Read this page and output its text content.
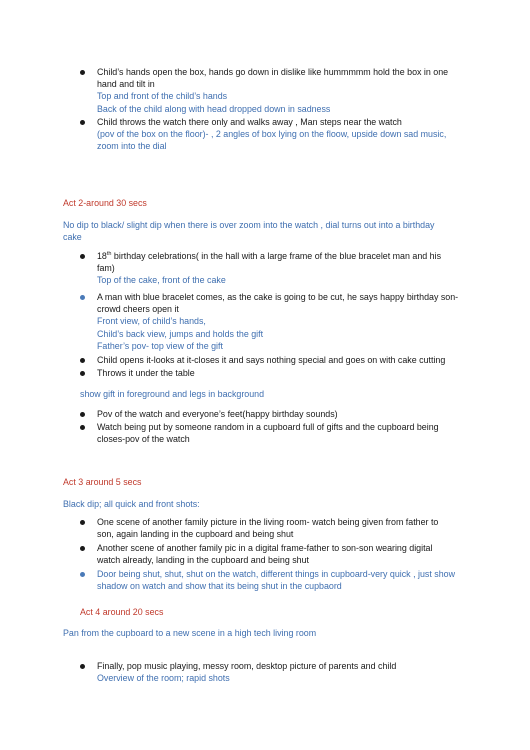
Child’s hands open the box, hands go down in dislike like hummmmm hold the box in one
hand and tilt in
Top and front of the child’s hands
Back of the child along with head dropped down in sadness
Child throws the watch there only and walks away , Man steps near the watch
(pov of the box on the floor)- , 2 angles of box lying on the floow, upside down sad music,
zoom into the dial
Act 2-around 30 secs
No dip to black/ slight dip when there is over zoom into the watch , dial turns out into a birthday
cake
18th birthday celebrations( in the hall with a large frame of the blue bracelet man and his
fam)
Top of the cake, front of the cake
A man with blue bracelet comes, as the cake is going to be cut, he says happy birthday son-
crowd cheers open it
Front view, of child’s hands,
Child’s back view, jumps and holds the gift
Father’s pov- top view of the gift
Child opens it-looks at it-closes it and says nothing special and goes on with cake cutting
Throws it under the table
show gift in foreground and legs in background
Pov of the watch and everyone’s feet(happy birthday sounds)
Watch being put by someone random in a cupboard full of gifts and the cupboard being
closes-pov of the watch
Act 3 around 5 secs
Black dip; all quick and front shots:
One scene of another family picture in the living room- watch being given from father to
son, again landing in the cupboard and being shut
Another scene of another family pic in a digital frame-father to son-son wearing digital
watch already, landing in the cupboard and being shut
Door being shut, shut, shut on the watch, different things in cupboard-very quick , just show
shadow on watch and show that its being shut in the cupbaord
Act 4 around 20 secs
Pan from the cupboard to a new scene in a high tech living room
Finally, pop music playing, messy room, desktop picture of parents and child
Overview of the room; rapid shots
